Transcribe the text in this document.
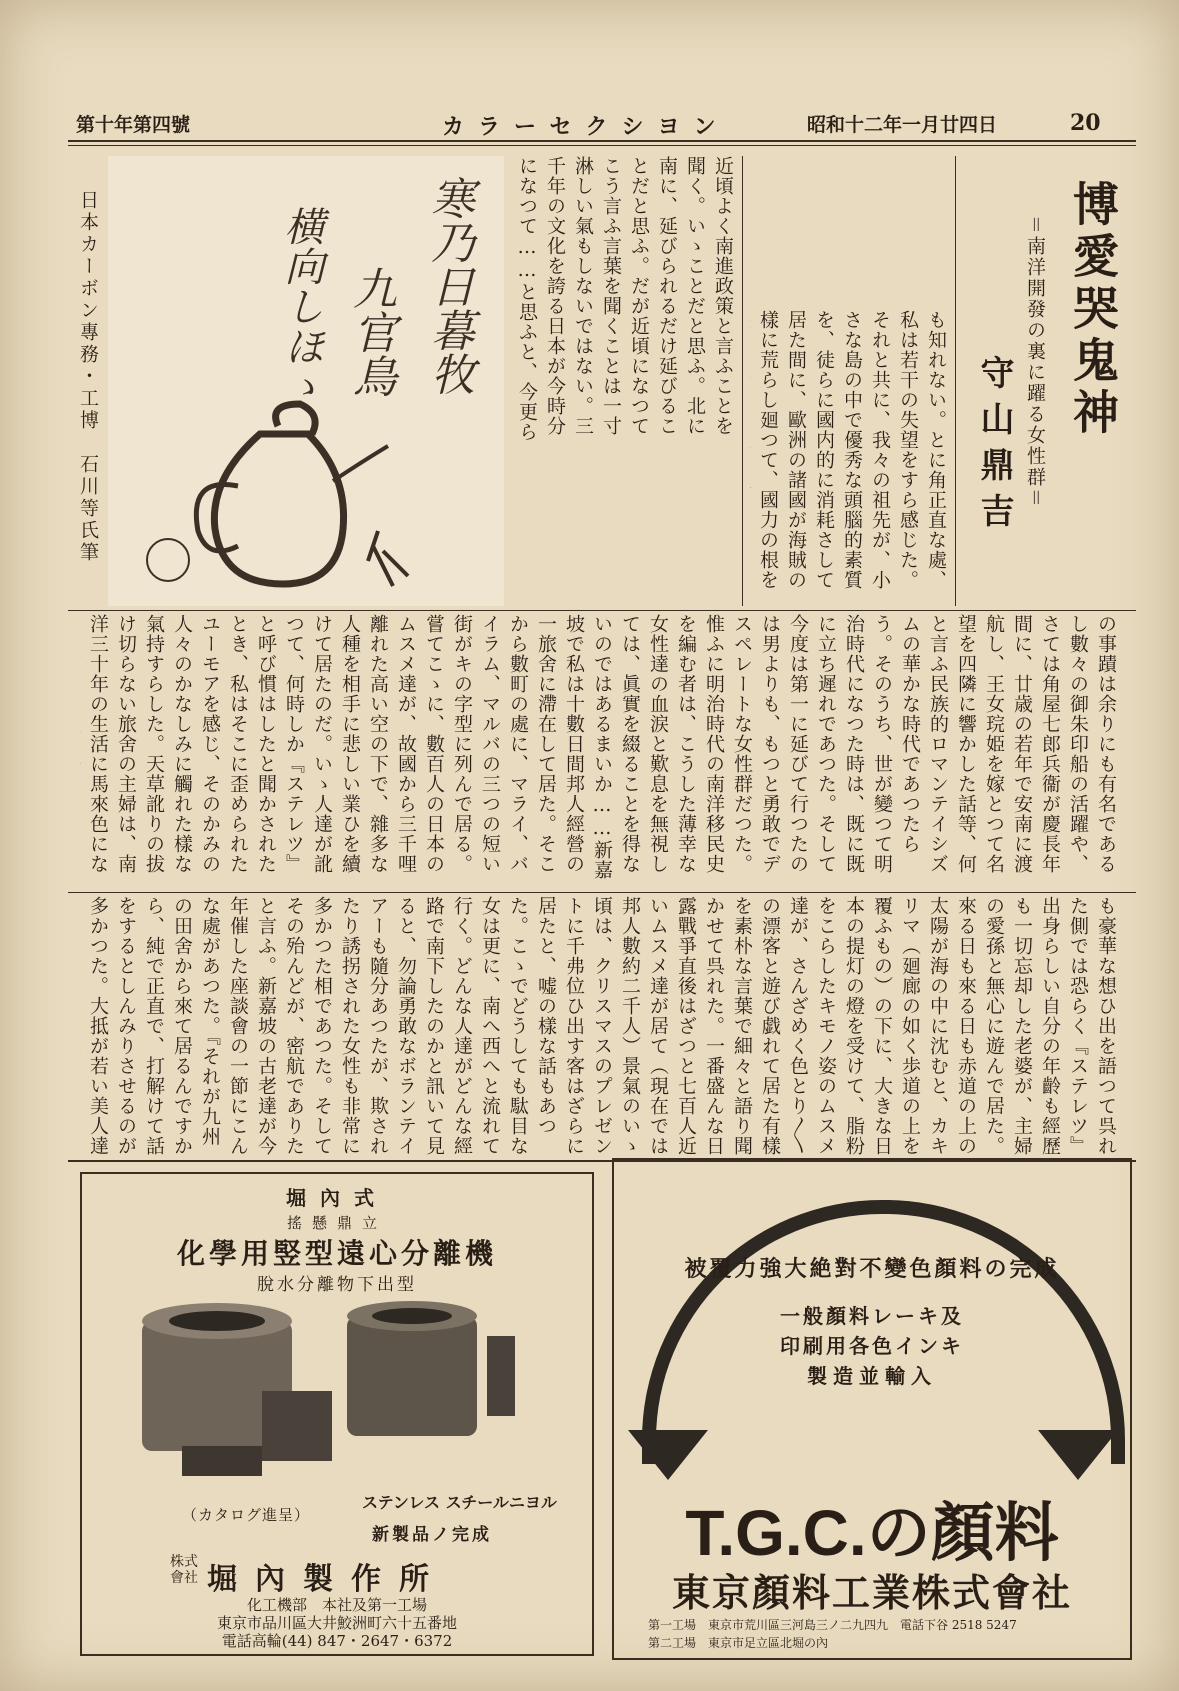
第十年第四號	カラーセクシヨン	昭和十二年一月廿四日	20
寒乃日暮牧
九官鳥
横向しほゝ
日本カーボン專務・工博　石川等氏筆	博愛哭鬼神
＝南洋開發の裏に躍る女性群＝
守山鼎吉
近頃よく南進政策と言ふことを聞く。いゝことだと思ふ。北に南に、延びられるだけ延びることだと思ふ。だが近頃になつてこう言ふ言葉を聞くことは一寸淋しい氣もしないではない。三千年の文化を誇る日本が今時分になつて……と思ふと、今更ら
も知れない。とに角正直な處、私は若干の失望をすら感じた。それと共に、我々の祖先が、小さな島の中で優秀な頭腦的素質を、徒らに國内的に消耗さして居た間に、歐洲の諸國が海賊の樣に荒らし廻つて、國力の根を
の事蹟は余りにも有名であるし數々の御朱印船の活躍や、さては角屋七郎兵衞が慶長年間に、廿歳の若年で安南に渡航し、王女琓姫を嫁とつて名望を四隣に響かした話等、何と言ふ民族的ロマンテイシズムの華かな時代であつたらう。そのうち、世が變つて明治時代になつた時は、既に既に立ち遲れであつた。そして今度は第一に延びて行つたのは男よりも、もつと勇敢でデスペレートな女性群だつた。惟ふに明治時代の南洋移民史を編む者は、こうした薄幸な女性達の血涙と歎息を無視しては、眞實を綴ることを得ないのではあるまいか……新嘉坡で私は十數日間邦人經營の一旅舍に滯在して居た。そこから數町の處に、マライ、バイラム、マルバの三つの短い街がキの字型に列んで居る。嘗てこゝに、數百人の日本のムスメ達が、故國から三千哩離れた高い空の下で、雜多な人種を相手に悲しい業ひを續けて居たのだ。いゝ人達が訛つて、何時しか『ステレツ』と呼び慣はしたと聞かされたとき、私はそこに歪められたユーモアを感じ、そのかみの人々のかなしみに觸れた樣な氣持すらした。天草訛りの拔け切らない旅舍の主婦は、南洋三十年の生活に馬來色にな
も豪華な想ひ出を語つて呉れた側では恐らく『ステレツ』出身らしい自分の年齡も經歷も一切忘却した老婆が、主婦の愛孫と無心に遊んで居た。來る日も來る日も赤道の上の太陽が海の中に沈むと、カキリマ（廻廊の如く歩道の上を覆ふもの）の下に、大きな日本の提灯の燈を受けて、脂粉をこらしたキモノ姿のムスメ達が、さんざめく色とり〳〵の漂客と遊び戯れて居た有樣を素朴な言葉で細々と語り聞かせて呉れた。一番盛んな日露戰爭直後はざつと七百人近いムスメ達が居て（現在では邦人數約二千人）景氣のいゝ頃は、クリスマスのプレゼントに千弗位ひ出す客はざらに居たと、嘘の樣な話もあつた。こゝでどうしても駄目な女は更に、南へ西へと流れて行く。どんな人達がどんな經路で南下したのかと訊いて見ると、勿論勇敢なボランテイアーも隨分あつたが、欺されたり誘拐された女性も非常に多かつた相であつた。そしてその殆んどが、密航でありたと言ふ。新嘉坡の古老達が今年催した座談會の一節にこんな處があつた。『それが九州の田舍から來て居るんですから、純で正直で、打解けて話をするとしんみりさせるのが多かつた。大抵が若い美人達
堀內式
搖懸鼎立
化學用竪型遠心分離機
脫水分離物下出型
（カタログ進呈）
ステンレス スチールニヨル
新製品ノ完成
株式會社 堀內製作所
化工機部　本社及第一工場
東京市品川區大井鮫洲町六十五番地
電話高輪(44) 847・2647・6372
被覆力強大絶對不變色顏料の完成
一般顏料レーキ及
印刷用各色インキ
製造並輸入
T.G.C.の顏料
東京顏料工業株式會社
第一工場　東京市荒川區三河島三ノ二九四九　電話下谷 2518 5247
第二工場　東京市足立區北堀の內
